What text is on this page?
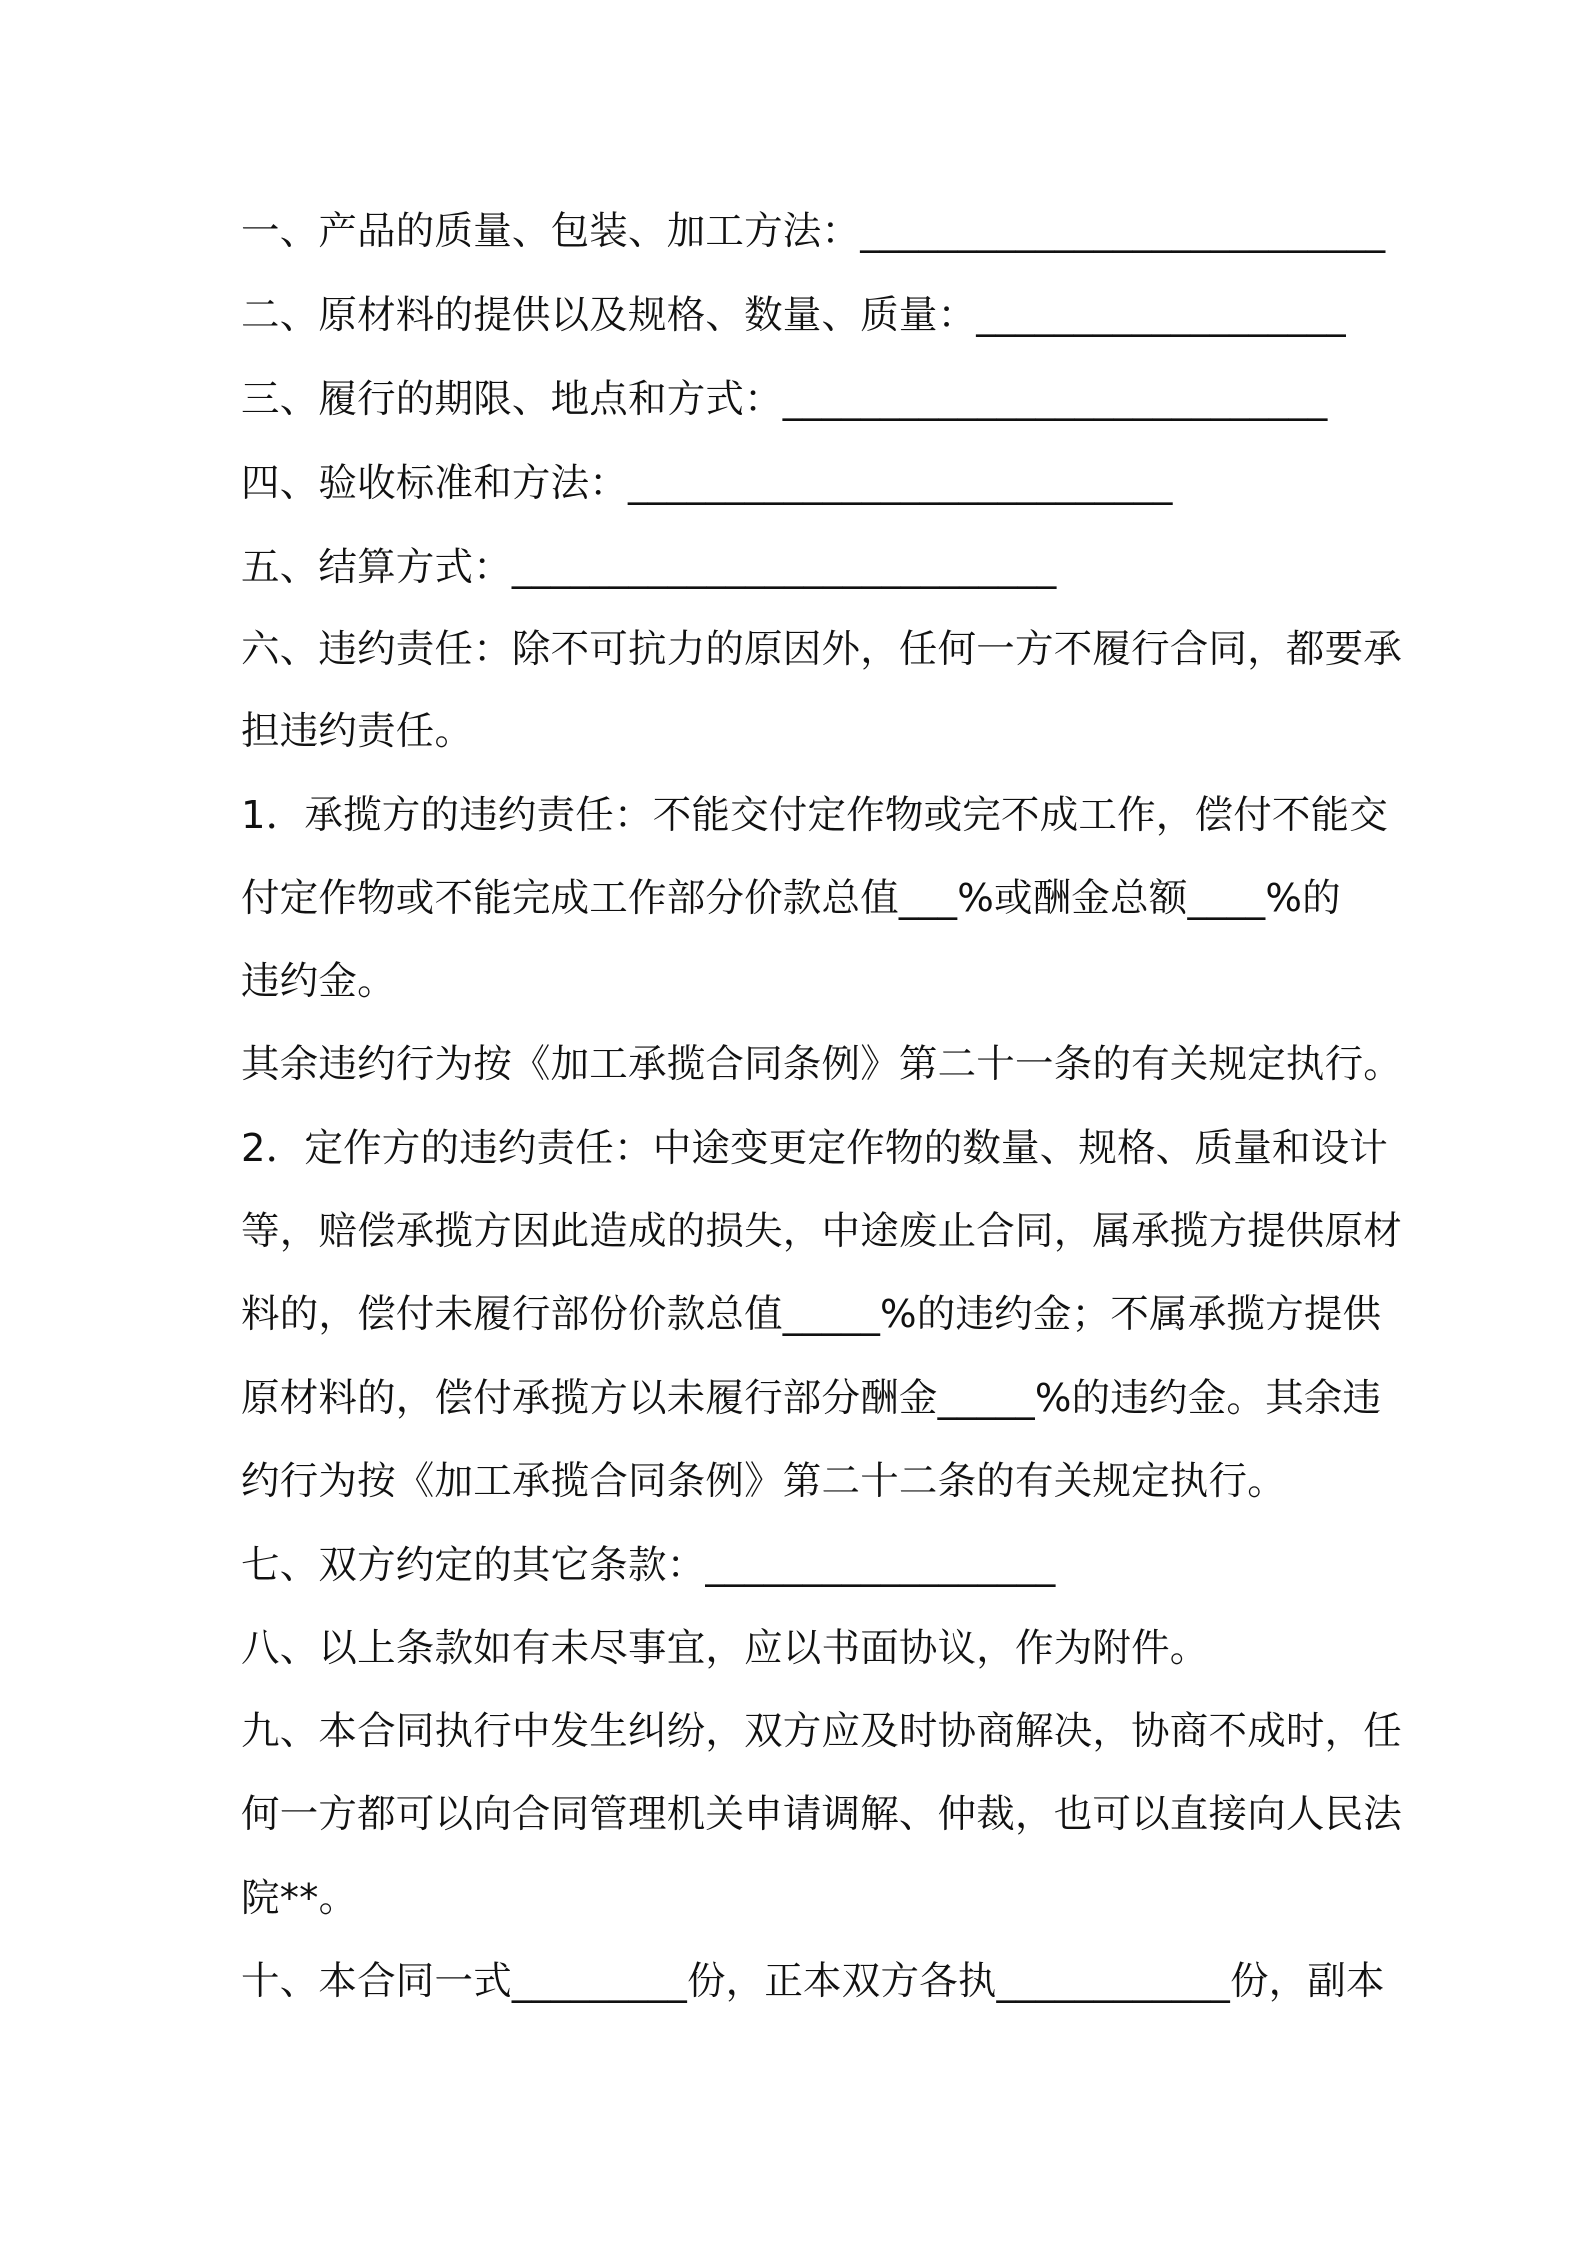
一、产品的质量、包装、加工方法：___________________________
二、原材料的提供以及规格、数量、质量：___________________
三、履行的期限、地点和方式：____________________________
四、验收标准和方法：____________________________
五、结算方式：____________________________
六、违约责任：除不可抗力的原因外，任何一方不履行合同，都要承
担违约责任。
1．承揽方的违约责任：不能交付定作物或完不成工作，偿付不能交
付定作物或不能完成工作部分价款总值___%或酬金总额____%的
违约金。
其余违约行为按《加工承揽合同条例》第二十一条的有关规定执行。
2．定作方的违约责任：中途变更定作物的数量、规格、质量和设计
等，赔偿承揽方因此造成的损失，中途废止合同，属承揽方提供原材
料的，偿付未履行部份价款总值_____%的违约金；不属承揽方提供
原材料的，偿付承揽方以未履行部分酬金_____%的违约金。其余违
约行为按《加工承揽合同条例》第二十二条的有关规定执行。
七、双方约定的其它条款：__________________
八、以上条款如有未尽事宜，应以书面协议，作为附件。
九、本合同执行中发生纠纷，双方应及时协商解决，协商不成时，任
何一方都可以向合同管理机关申请调解、仲裁，也可以直接向人民法
院**。
十、本合同一式_________份，正本双方各执____________份，副本
